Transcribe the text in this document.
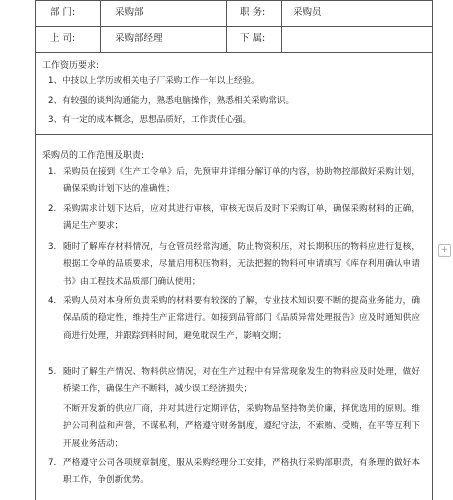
部 门:	采购部	职 务:	采购员
上 司:	采购部经理	下 属:
工作资历要求:
1、中技以上学历或相关电子厂采购工作一年以上经验。
2、有较强的谈判沟通能力，熟悉电脑操作，熟悉相关采购常识。
3、有一定的成本概念，思想品质好，工作责任心强。
采购员的工作范围及职责:
1. 采购员在接到《生产工令单》后，先预审并详细分解订单的内容，协助物控部做好采购计划，确保采购计划下达的准确性；
2. 采购需求计划下达后，应对其进行审核，审核无误后及时下采购订单，确保采购材料的正确，满足生产要求；
3. 随时了解库存材料情况，与仓管员经常沟通，防止物资积压，对长期积压的物料应进行复核，根据工令单的品质要求，尽量启用积压物料，无法把握的物料可申请填写《库存利用确认申请书》由工程技术品质部门确认使用；
4. 采购人员对本身所负责采购的材料要有较深的了解，专业技术知识要不断的提高业务能力，确保品质的稳定性，维持生产正常进行。如接到品管部门《品质异常处理报告》应及时通知供应商进行处理，并跟踪到料时间，避免耽误生产，影响交期；
5. 随时了解生产情况、物料供应情况，对在生产过程中有异常现象发生的物料应及时处理，做好桥梁工作，确保生产不断料，减少误工经济损失；
不断开发新的供应厂商，并对其进行定期评估，采购物品坚持物美价廉，择优选用的原则。维护公司利益和声誉，不谋私利，严格遵守财务制度，遵纪守法，不索贿、受贿，在平等互利下开展业务活动；
7. 严格遵守公司各项规章制度，服从采购经理分工安排，严格执行采购部职责，有条理的做好本职工作，争创新优势。
+
